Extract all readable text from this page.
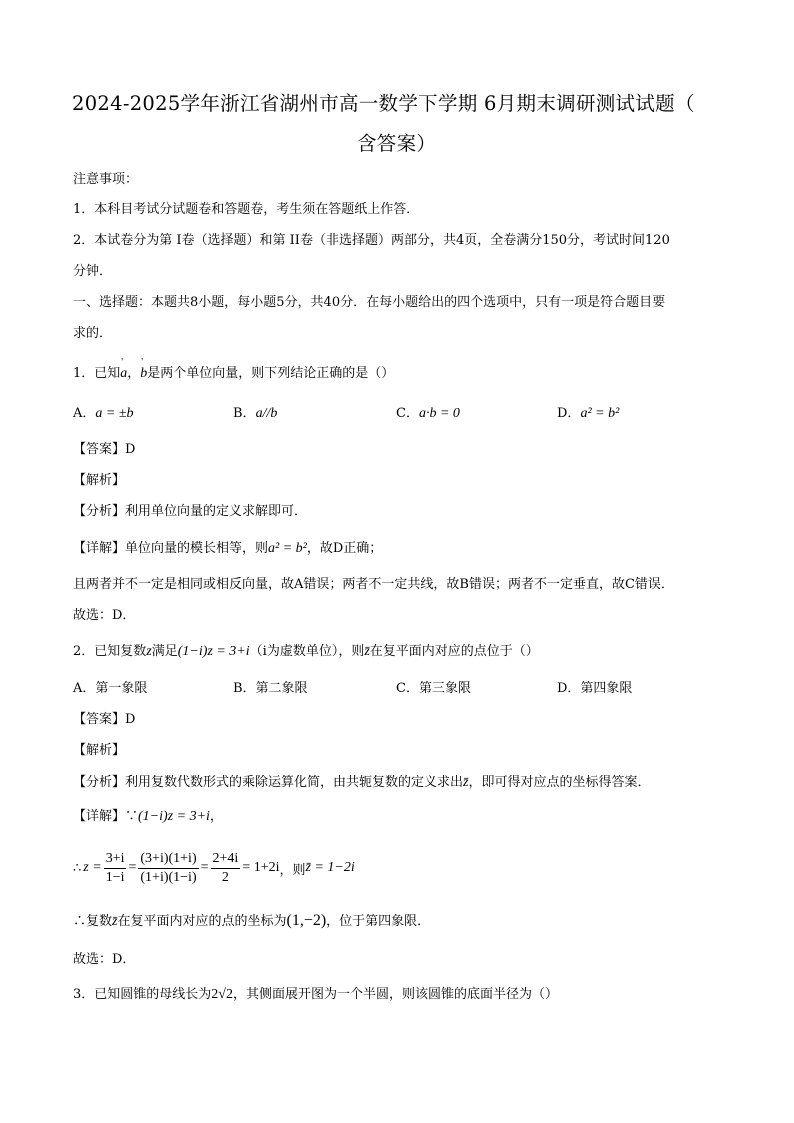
2024-2025学年浙江省湖州市高一数学下学期 6月期末调研测试试题（
含答案）
注意事项：
1．本科目考试分试题卷和答题卷，考生须在答题纸上作答．
2．本试卷分为第 I卷（选择题）和第 II卷（非选择题）两部分，共4页，全卷满分150分，考试时间120
分钟．
一、选择题：本题共8小题，每小题5分，共40分．在每小题给出的四个选项中，只有一项是符合题目要
求的．
1．已知' a，' b是两个单位向量，则下列结论正确的是（）
A．a = ±b	B．a//b	C．a·b = 0	D．a² = b²
【答案】D
【解析】
【分析】利用单位向量的定义求解即可．
【详解】单位向量的模长相等，则a² = b²，故D正确；
且两者并不一定是相同或相反向量，故A错误；两者不一定共线，故B错误；两者不一定垂直，故C错误．
故选：D．
2．已知复数z满足(1−i)z = 3+i（i为虚数单位），则z̄在复平面内对应的点位于（）
A．第一象限	B．第二象限	C．第三象限	D．第四象限
【答案】D
【解析】
【分析】利用复数代数形式的乘除运算化简，由共轭复数的定义求出z̄，即可得对应点的坐标得答案．
【详解】∵(1−i)z = 3+i，
∴ $z = \frac{3+i}{1-i} = \frac{(3+i)(1+i)}{(1+i)(1-i)} = \frac{2+4i}{2} = 1+2i$ ，则 z̄ = 1−2i
∴复数z̄在复平面内对应的点的坐标为(1,−2)，位于第四象限．
故选：D．
3．已知圆锥的母线长为2√2，其侧面展开图为一个半圆，则该圆锥的底面半径为（）
